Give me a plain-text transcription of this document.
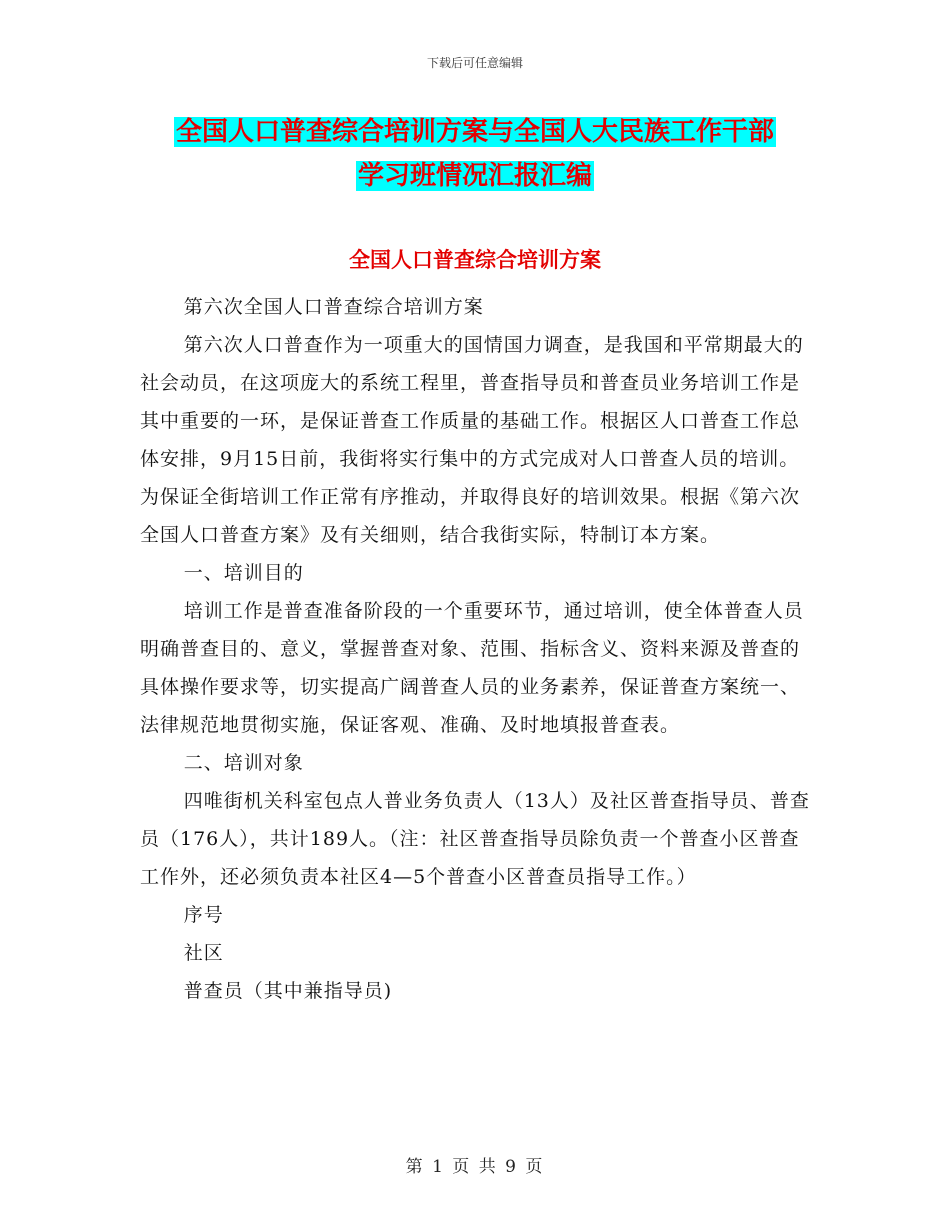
下载后可任意编辑
全国人口普查综合培训方案与全国人大民族工作干部
学习班情况汇报汇编
全国人口普查综合培训方案

第六次全国人口普查综合培训方案

第六次人口普查作为一项重大的国情国力调查，是我国和平常期最大的社会动员，在这项庞大的系统工程里，普查指导员和普查员业务培训工作是其中重要的一环，是保证普查工作质量的基础工作。根据区人口普查工作总体安排，9月15日前，我街将实行集中的方式完成对人口普查人员的培训。为保证全街培训工作正常有序推动，并取得良好的培训效果。根据《第六次全国人口普查方案》及有关细则，结合我街实际，特制订本方案。

一、培训目的

培训工作是普查准备阶段的一个重要环节，通过培训，使全体普查人员明确普查目的、意义，掌握普查对象、范围、指标含义、资料来源及普查的具体操作要求等，切实提高广阔普查人员的业务素养，保证普查方案统一、法律规范地贯彻实施，保证客观、准确、及时地填报普查表。

二、培训对象

四唯街机关科室包点人普业务负责人（13人）及社区普查指导员、普查员（176人），共计189人。（注：社区普查指导员除负责一个普查小区普查工作外，还必须负责本社区4—5个普查小区普查员指导工作。）

序号

社区

普查员（其中兼指导员)

第 1 页 共 9 页
